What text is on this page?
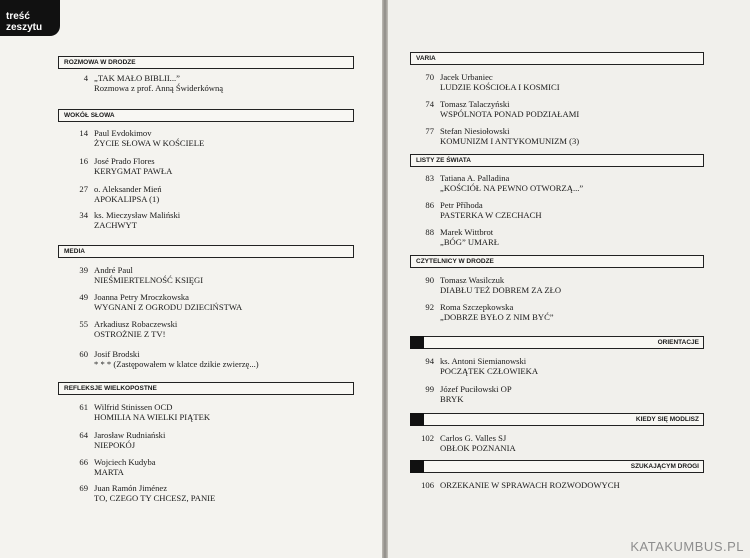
treść zeszytu
ROZMOWA W DRODZE
4 „TAK MAŁO BIBLII...”
Rozmowa z prof. Anną Świderkówną
WOKÓŁ SŁOWA
14 Paul Evdokimov
ŻYCIE SŁOWA W KOŚCIELE
16 José Prado Flores
KERYGMAT PAWŁA
27 o. Aleksander Mień
APOKALIPSA (1)
34 ks. Mieczysław Maliński
ZACHWYT
MEDIA
39 André Paul
NIEŚMIERTELNOŚĆ KSIĘGI
49 Joanna Petry Mroczkowska
WYGNANI Z OGRODU DZIECIŃSTWA
55 Arkadiusz Robaczewski
OSTROŻNIE Z TV!
60 Josif Brodski
* * * (Zastępowałem w klatce dzikie zwierzę...)
REFLEKSJE WIELKOPOSTNE
61 Wilfrid Stinissen OCD
HOMILIA NA WIELKI PIĄTEK
64 Jarosław Rudniański
NIEPOKÓJ
66 Wojciech Kudyba
MARTA
69 Juan Ramón Jiménez
TO, CZEGO TY CHCESZ, PANIE
VARIA
70 Jacek Urbaniec
LUDZIE KOŚCIOŁA I KOSMICI
74 Tomasz Talaczyński
WSPÓLNOTA PONAD PODZIAŁAMI
77 Stefan Niesiołowski
KOMUNIZM I ANTYKOMUNIZM (3)
LISTY ZE ŚWIATA
83 Tatiana A. Palladina
„KOŚCIÓŁ NA PEWNO OTWORZĄ...”
86 Petr Příhoda
PASTERKA W CZECHACH
88 Marek Wittbrot
„BÓG” UMARŁ
CZYTELNICY W DRODZE
90 Tomasz Wasilczuk
DIABŁU TEŻ DOBREM ZA ZŁO
92 Roma Szczepkowska
„DOBRZE BYŁO Z NIM BYĆ”
ORIENTACJE
94 ks. Antoni Siemianowski
POCZĄTEK CZŁOWIEKA
99 Józef Puciłowski OP
BRYK
KIEDY SIĘ MODLISZ
102 Carlos G. Valles SJ
OBŁOK POZNANIA
SZUKAJĄCYM DROGI
106 ORZEKANIE W SPRAWACH ROZWODOWYCH
KATAKUMBUS.PL
